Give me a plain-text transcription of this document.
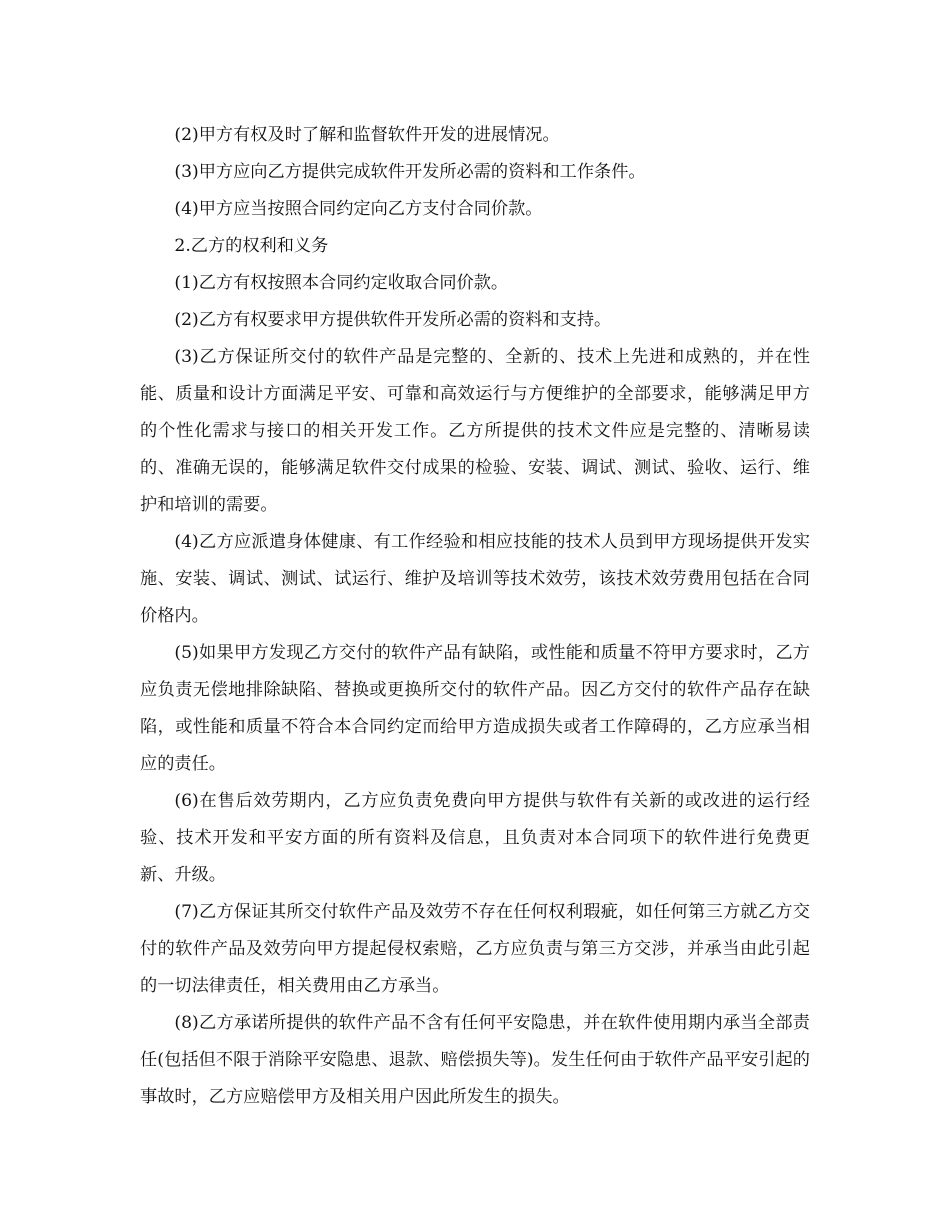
(2)甲方有权及时了解和监督软件开发的进展情况。

(3)甲方应向乙方提供完成软件开发所必需的资料和工作条件。

(4)甲方应当按照合同约定向乙方支付合同价款。

2.乙方的权利和义务

(1)乙方有权按照本合同约定收取合同价款。

(2)乙方有权要求甲方提供软件开发所必需的资料和支持。

(3)乙方保证所交付的软件产品是完整的、全新的、技术上先进和成熟的，并在性能、质量和设计方面满足平安、可靠和高效运行与方便维护的全部要求，能够满足甲方的个性化需求与接口的相关开发工作。乙方所提供的技术文件应是完整的、清晰易读的、准确无误的，能够满足软件交付成果的检验、安装、调试、测试、验收、运行、维护和培训的需要。

(4)乙方应派遣身体健康、有工作经验和相应技能的技术人员到甲方现场提供开发实施、安装、调试、测试、试运行、维护及培训等技术效劳，该技术效劳费用包括在合同价格内。

(5)如果甲方发现乙方交付的软件产品有缺陷，或性能和质量不符甲方要求时，乙方应负责无偿地排除缺陷、替换或更换所交付的软件产品。因乙方交付的软件产品存在缺陷，或性能和质量不符合本合同约定而给甲方造成损失或者工作障碍的，乙方应承当相应的责任。

(6)在售后效劳期内，乙方应负责免费向甲方提供与软件有关新的或改进的运行经验、技术开发和平安方面的所有资料及信息，且负责对本合同项下的软件进行免费更新、升级。

(7)乙方保证其所交付软件产品及效劳不存在任何权利瑕疵，如任何第三方就乙方交付的软件产品及效劳向甲方提起侵权索赔，乙方应负责与第三方交涉，并承当由此引起的一切法律责任，相关费用由乙方承当。

(8)乙方承诺所提供的软件产品不含有任何平安隐患，并在软件使用期内承当全部责任(包括但不限于消除平安隐患、退款、赔偿损失等)。发生任何由于软件产品平安引起的事故时，乙方应赔偿甲方及相关用户因此所发生的损失。
